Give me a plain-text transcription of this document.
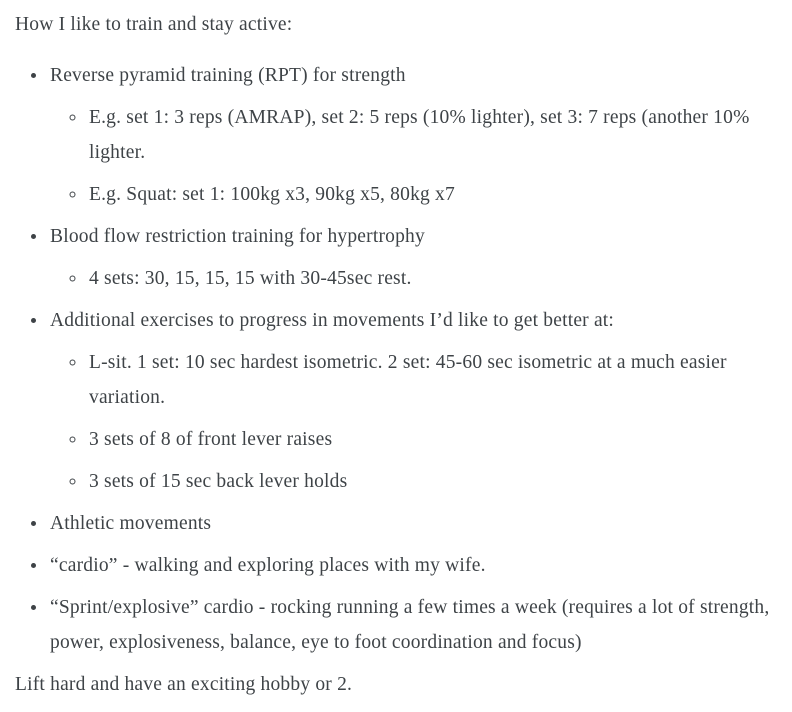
How I like to train and stay active:

• Reverse pyramid training (RPT) for strength
◦ E.g. set 1: 3 reps (AMRAP), set 2: 5 reps (10% lighter), set 3: 7 reps (another 10% lighter.
◦ E.g. Squat: set 1: 100kg x3, 90kg x5, 80kg x7
• Blood flow restriction training for hypertrophy
◦ 4 sets: 30, 15, 15, 15 with 30-45sec rest.
• Additional exercises to progress in movements I’d like to get better at:
◦ L-sit. 1 set: 10 sec hardest isometric. 2 set: 45-60 sec isometric at a much easier variation.
◦ 3 sets of 8 of front lever raises
◦ 3 sets of 15 sec back lever holds
• Athletic movements
• “cardio” - walking and exploring places with my wife.
• “Sprint/explosive” cardio - rocking running a few times a week (requires a lot of strength, power, explosiveness, balance, eye to foot coordination and focus)

Lift hard and have an exciting hobby or 2.
